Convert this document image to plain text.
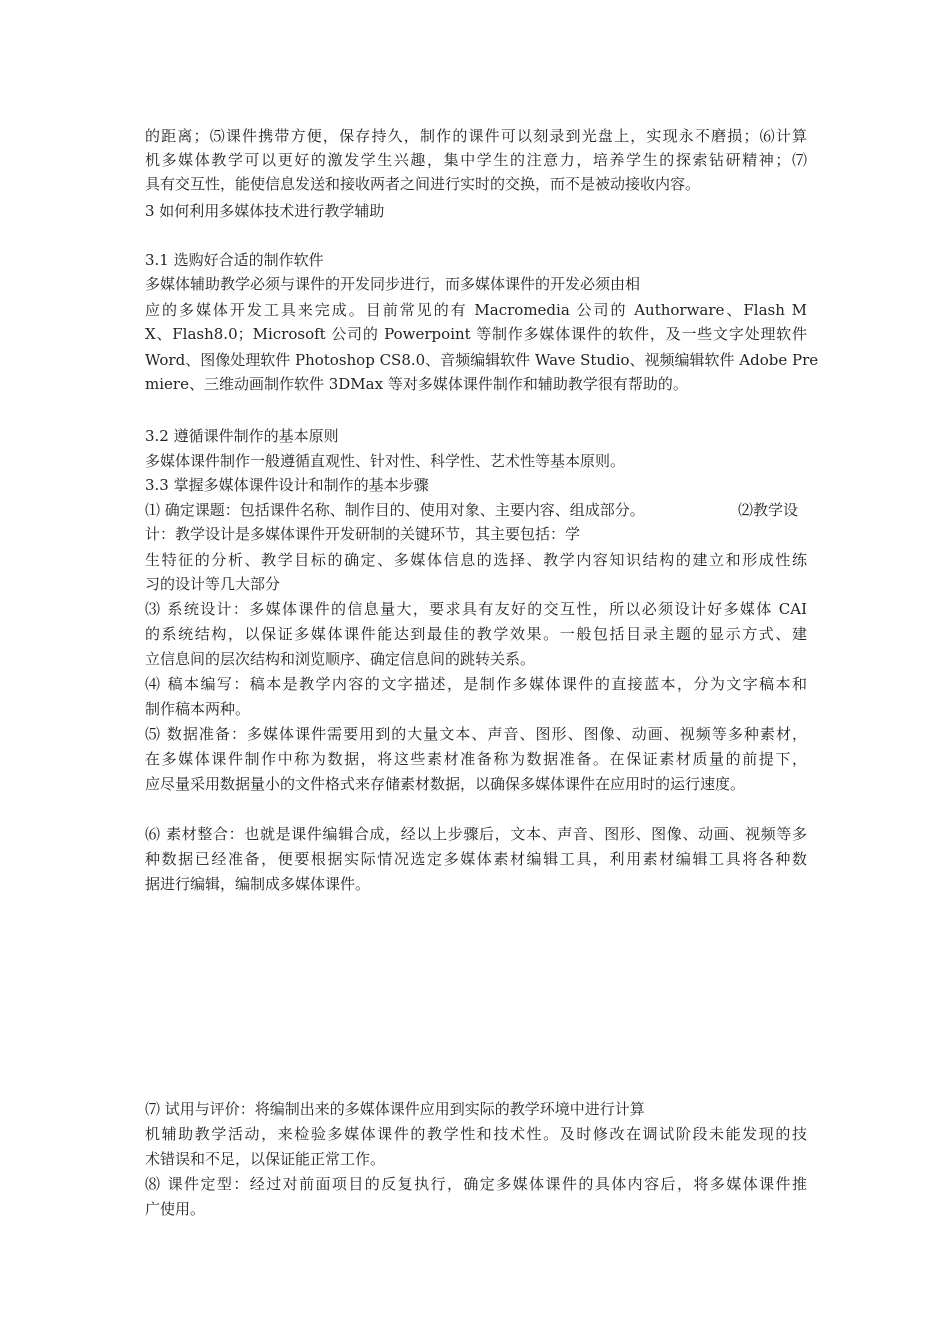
的距离；⑸课件携带方便，保存持久，制作的课件可以刻录到光盘上，实现永不磨损；⑹计算

机多媒体教学可以更好的激发学生兴趣，集中学生的注意力，培养学生的探索钻研精神；⑺

具有交互性，能使信息发送和接收两者之间进行实时的交换，而不是被动接收内容。

3 如何利用多媒体技术进行教学辅助

3.1 选购好合适的制作软件

多媒体辅助教学必须与课件的开发同步进行，而多媒体课件的开发必须由相

应的多媒体开发工具来完成。目前常见的有 Macromedia 公司的 Authorware、Flash M

X、Flash8.0；Microsoft 公司的 Powerpoint 等制作多媒体课件的软件，及一些文字处理软件

Word、图像处理软件 Photoshop CS8.0、音频编辑软件 Wave Studio、视频编辑软件 Adobe Pre

miere、三维动画制作软件 3DMax 等对多媒体课件制作和辅助教学很有帮助的。

3.2 遵循课件制作的基本原则

多媒体课件制作一般遵循直观性、针对性、科学性、艺术性等基本原则。

3.3 掌握多媒体课件设计和制作的基本步骤

⑴ 确定课题：包括课件名称、制作目的、使用对象、主要内容、组成部分。	⑵教学设

计：教学设计是多媒体课件开发研制的关键环节，其主要包括：学

生特征的分析、教学目标的确定、多媒体信息的选择、教学内容知识结构的建立和形成性练

习的设计等几大部分

⑶ 系统设计：多媒体课件的信息量大，要求具有友好的交互性，所以必须设计好多媒体 CAI

的系统结构，以保证多媒体课件能达到最佳的教学效果。一般包括目录主题的显示方式、建

立信息间的层次结构和浏览顺序、确定信息间的跳转关系。

⑷ 稿本编写：稿本是教学内容的文字描述，是制作多媒体课件的直接蓝本，分为文字稿本和

制作稿本两种。

⑸ 数据准备：多媒体课件需要用到的大量文本、声音、图形、图像、动画、视频等多种素材，

在多媒体课件制作中称为数据，将这些素材准备称为数据准备。在保证素材质量的前提下，

应尽量采用数据量小的文件格式来存储素材数据，以确保多媒体课件在应用时的运行速度。

⑹ 素材整合：也就是课件编辑合成，经以上步骤后，文本、声音、图形、图像、动画、视频等多

种数据已经准备，便要根据实际情况选定多媒体素材编辑工具，利用素材编辑工具将各种数

据进行编辑，编制成多媒体课件。

⑺ 试用与评价：将编制出来的多媒体课件应用到实际的教学环境中进行计算

机辅助教学活动，来检验多媒体课件的教学性和技术性。及时修改在调试阶段未能发现的技

术错误和不足，以保证能正常工作。

⑻ 课件定型：经过对前面项目的反复执行，确定多媒体课件的具体内容后，将多媒体课件推

广使用。
